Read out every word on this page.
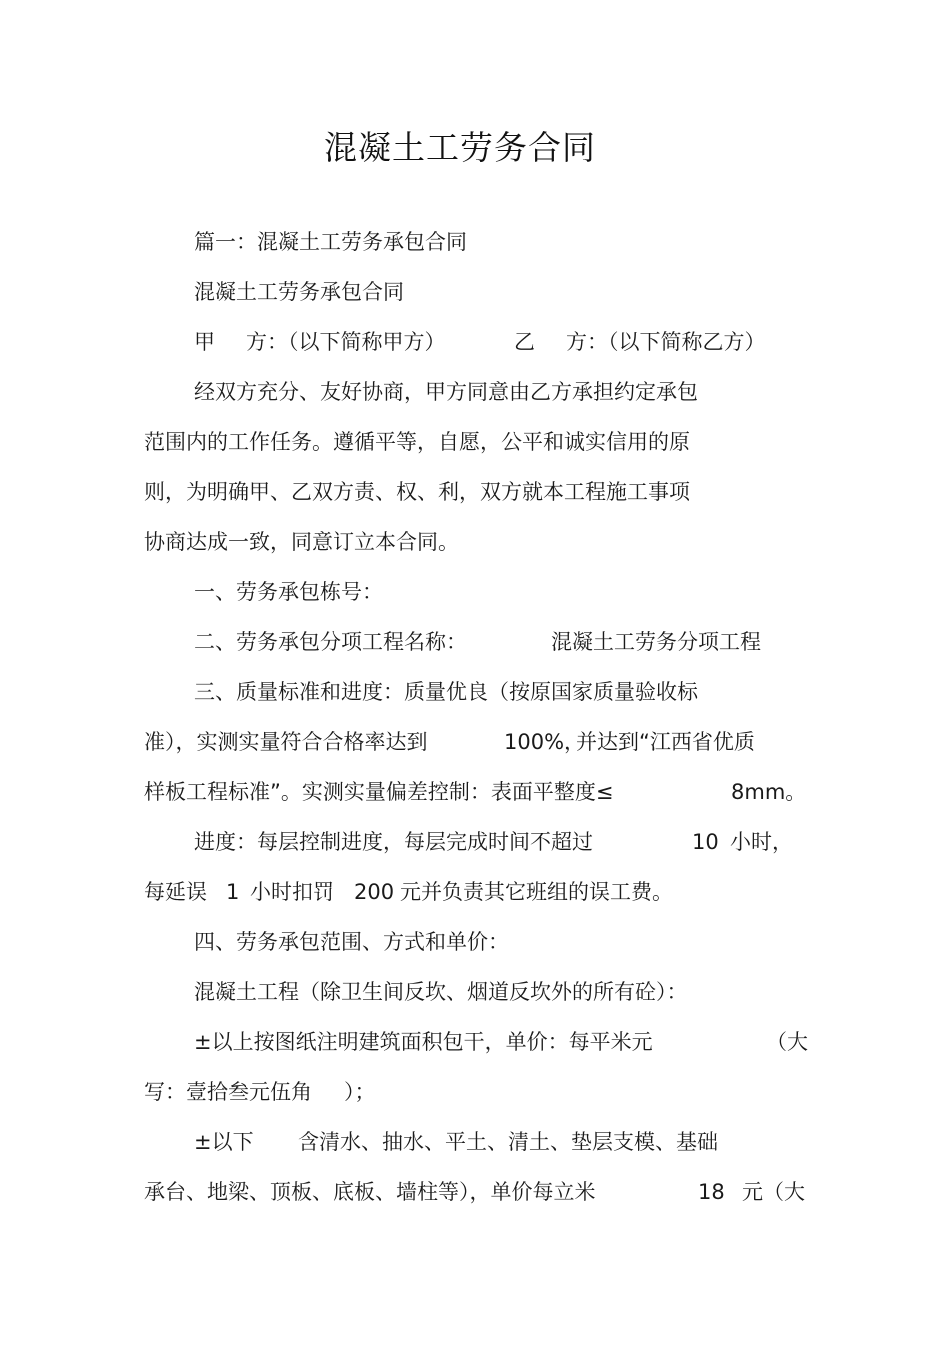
混凝土工劳务合同
篇一：混凝土工劳务承包合同
混凝土工劳务承包合同
甲 方：（以下简称甲方）	乙 方：（以下简称乙方）
经双方充分、友好协商，甲方同意由乙方承担约定承包
范围内的工作任务。遵循平等，自愿，公平和诚实信用的原
则，为明确甲、乙双方责、权、利，双方就本工程施工事项
协商达成一致，同意订立本合同。
一、劳务承包栋号：
二、劳务承包分项工程名称：	混凝土工劳务分项工程
三、质量标准和进度：质量优良（按原国家质量验收标
准），实测实量符合合格率达到	100%，
并达到“江西省优质
样板工程标准”。实测实量偏差控制：表面平整度≤	8mm。
进度：每层控制进度，每层完成时间不超过	10 小时，
每延误 1 小时扣罚 200 元并负责其它班组的误工费。
四、劳务承包范围、方式和单价：
混凝土工程（除卫生间反坎、烟道反坎外的所有砼）：
±以上按图纸注明建筑面积包干，单价：每平米元	（大
写：壹拾叁元伍角 ）；
±以下 含清水、抽水、平土、清土、垫层支模、基础
承台、地梁、顶板、底板、墙柱等），单价每立米	18 元（大
